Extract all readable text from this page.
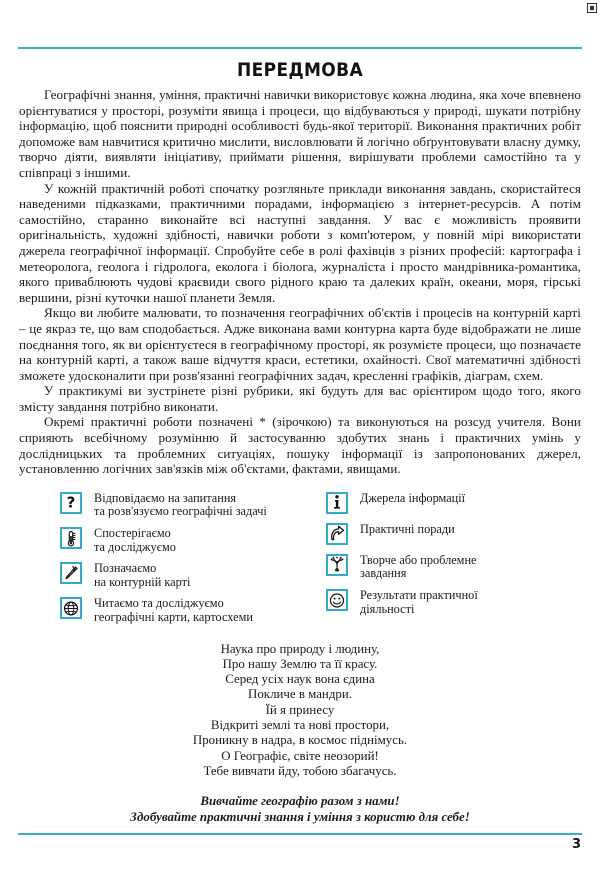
ПЕРЕДМОВА

Географічні знання, уміння, практичні навички використовує кожна людина, яка хоче впевнено орієнтуватися у просторі, розуміти явища і процеси, що відбуваються у природі, шукати потрібну інформацію, щоб пояснити природні особливості будь-якої території. Виконання практичних робіт допоможе вам навчитися критично мислити, висловлювати й логічно обґрунтовувати власну думку, творчо діяти, виявляти ініціативу, приймати рішення, вирішувати проблеми самостійно та у співпраці з іншими.

У кожній практичній роботі спочатку розгляньте приклади виконання завдань, скористайтеся наведеними підказками, практичними порадами, інформацією з інтернет-ресурсів. А потім самостійно, старанно виконайте всі наступні завдання. У вас є можливість проявити оригінальність, художні здібності, навички роботи з комп'ютером, у повній мірі використати джерела географічної інформації. Спробуйте себе в ролі фахівців з різних професій: картографа і метеоролога, геолога і гідролога, еколога і біолога, журналіста і просто мандрівника-романтика, якого приваблюють чудові краєвиди свого рідного краю та далеких країн, океани, моря, гірські вершини, різні куточки нашої планети Земля.

Якщо ви любите малювати, то позначення географічних об'єктів і процесів на контурній карті – це якраз те, що вам сподобається. Адже виконана вами контурна карта буде відображати не лише поєднання того, як ви орієнтуєтеся в географічному просторі, як розумієте процеси, що позначаєте на контурній карті, а також ваше відчуття краси, естетики, охайності. Свої математичні здібності зможете удосконалити при розв'язанні географічних задач, кресленні графіків, діаграм, схем.

У практикумі ви зустрінете різні рубрики, які будуть для вас орієнтиром щодо того, якого змісту завдання потрібно виконати.

Окремі практичні роботи позначені * (зірочкою) та виконуються на розсуд учителя. Вони сприяють всебічному розумінню й застосуванню здобутих знань і практичних умінь у дослідницьких та проблемних ситуаціях, пошуку інформації із запропонованих джерел, установленню логічних зав'язків між об'єктами, фактами, явищами.

? Відповідаємо на запитання
та розв'язуємо географічні задачі
Спостерігаємо
та досліджуємо
Позначаємо
на контурній карті
Читаємо та досліджуємо
географічні карти, картосхеми
Джерела інформації
Практичні поради
Творче або проблемне
завдання
Результати практичної
діяльності
Наука про природу і людину,
Про нашу Землю та її красу.
Серед усіх наук вона єдина
Покличе в мандри.
Їй я принесу
Відкриті землі та нові простори,
Проникну в надра, в космос піднімусь.
О Географіє, світе неозорий!
Тебе вивчати йду, тобою збагачусь.
Вивчайте географію разом з нами!
Здобувайте практичні знання і уміння з користю для себе!
3
